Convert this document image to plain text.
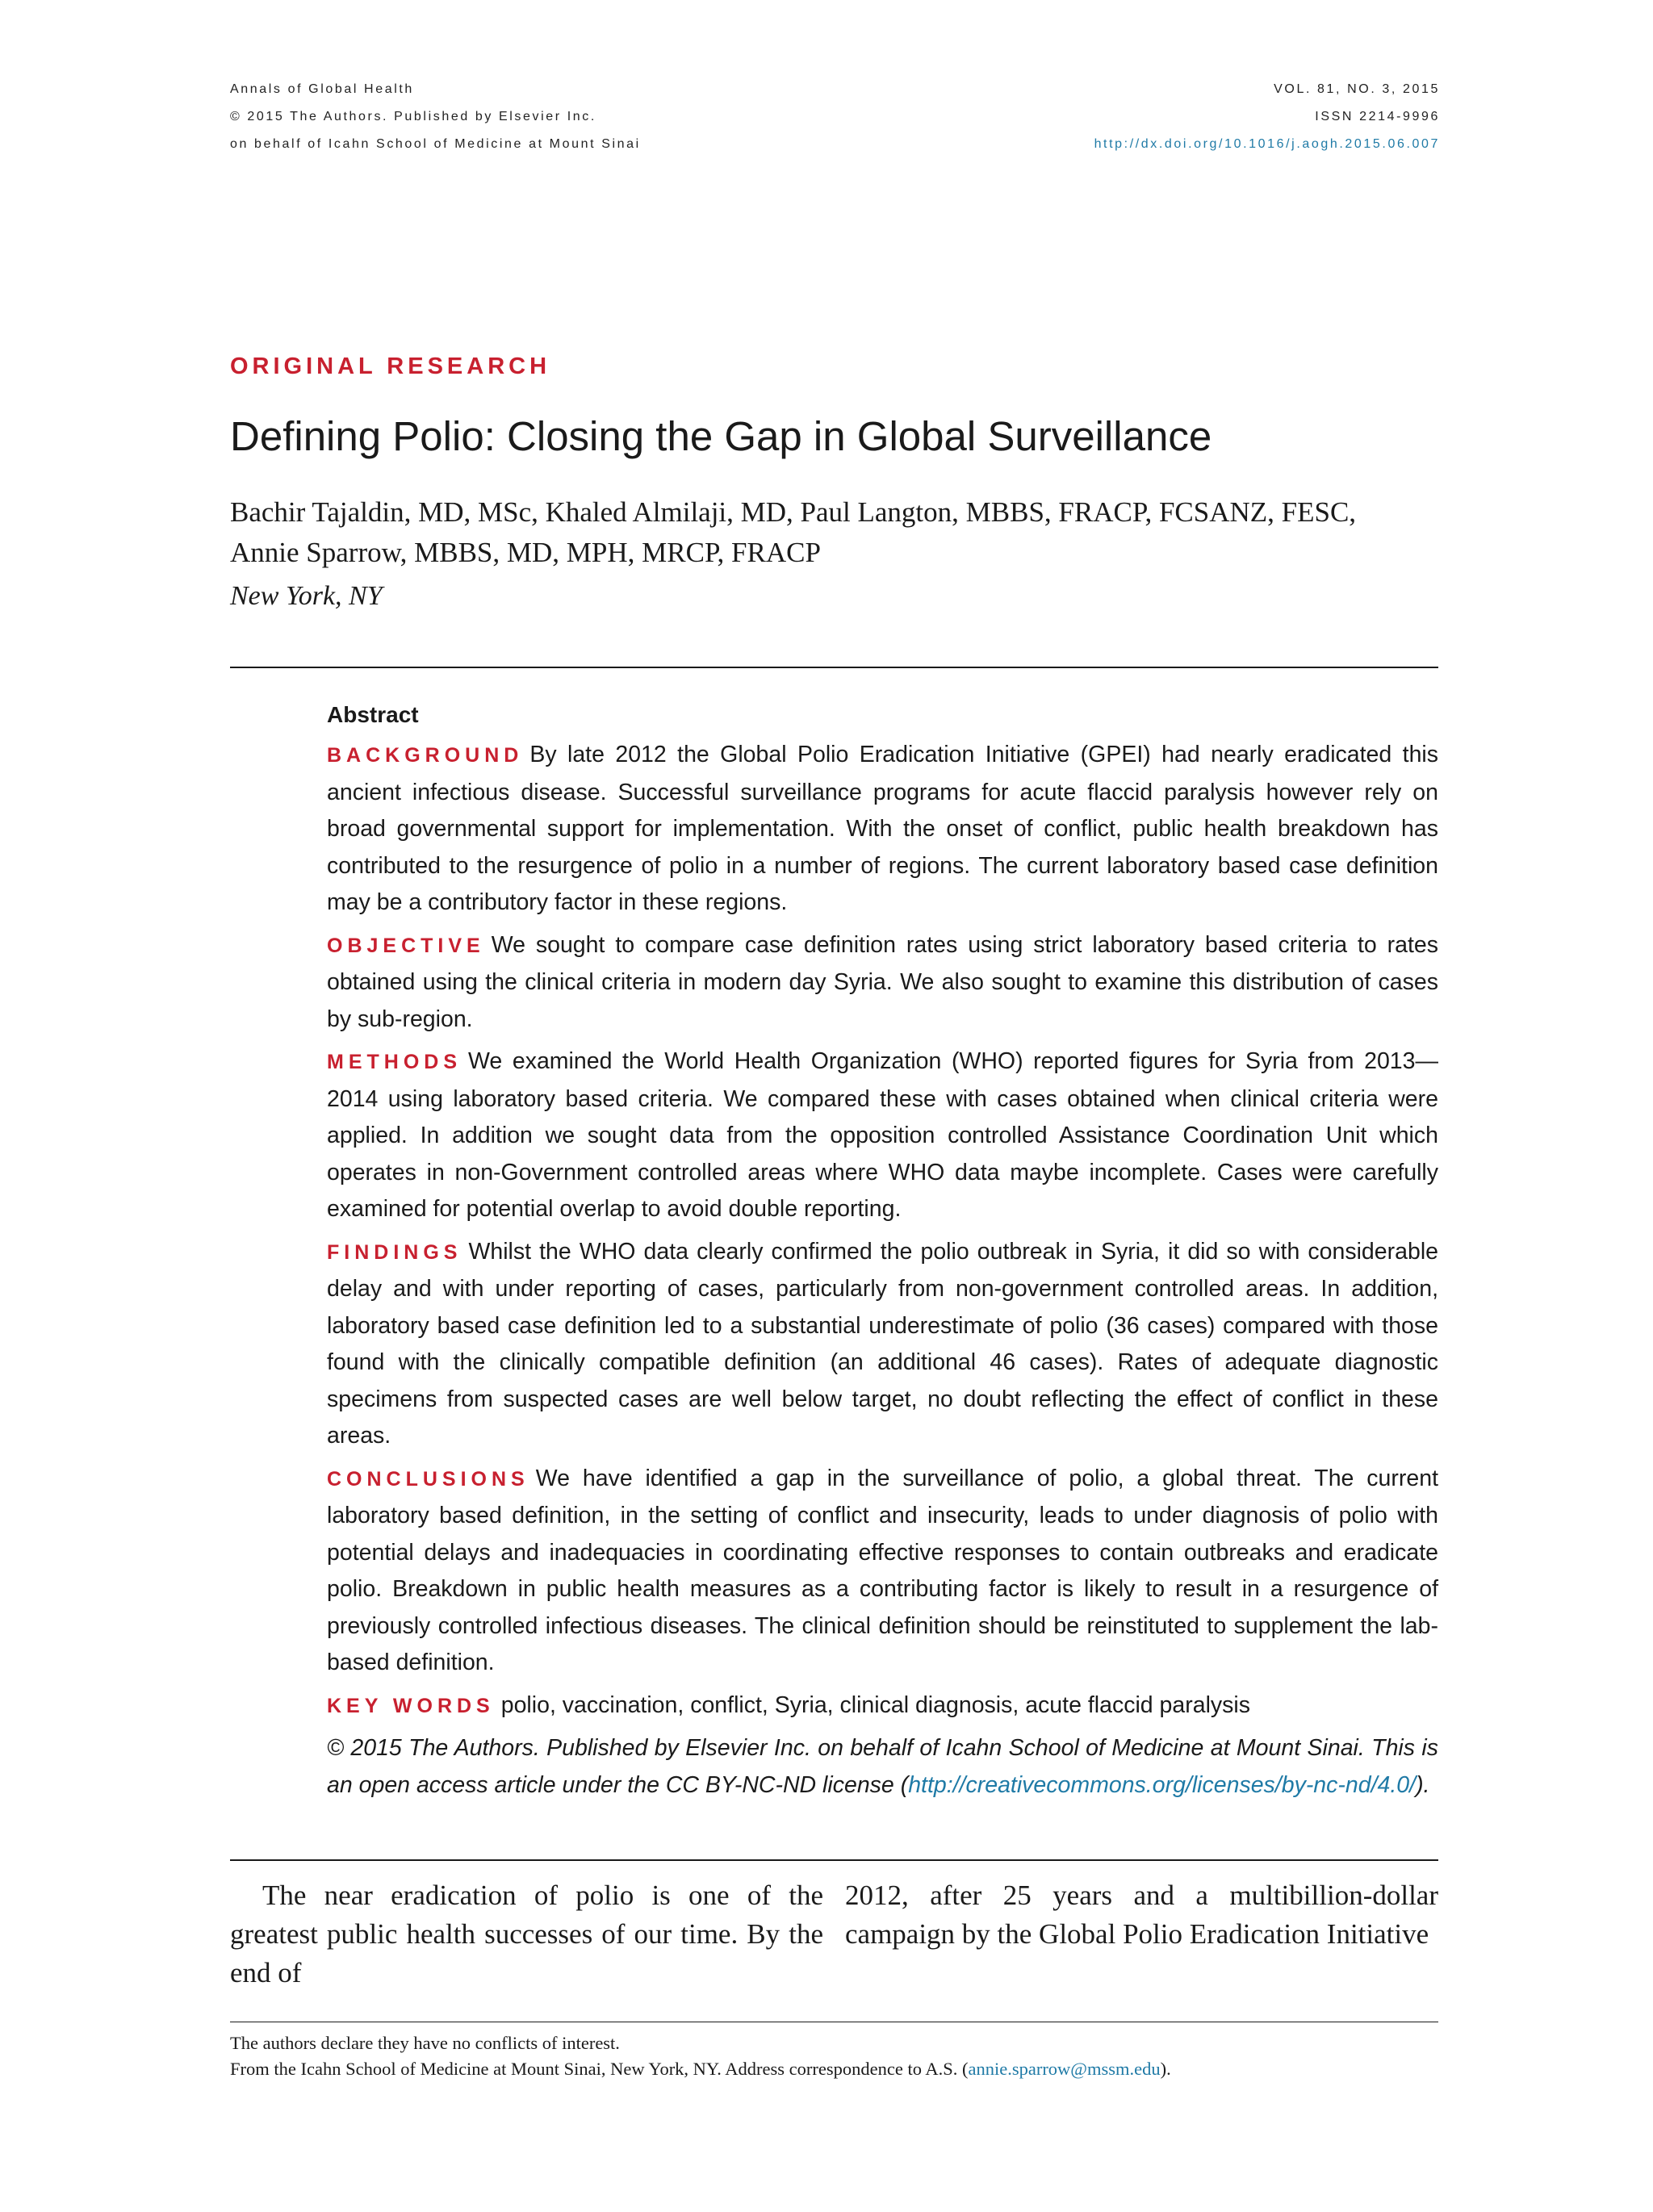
Annals of Global Health
© 2015 The Authors. Published by Elsevier Inc.
on behalf of Icahn School of Medicine at Mount Sinai
VOL. 81, NO. 3, 2015
ISSN 2214-9996
http://dx.doi.org/10.1016/j.aogh.2015.06.007
ORIGINAL RESEARCH
Defining Polio: Closing the Gap in Global Surveillance
Bachir Tajaldin, MD, MSc, Khaled Almilaji, MD, Paul Langton, MBBS, FRACP, FCSANZ, FESC,
Annie Sparrow, MBBS, MD, MPH, MRCP, FRACP
New York, NY

Abstract

BACKGROUND By late 2012 the Global Polio Eradication Initiative (GPEI) had nearly eradicated this ancient infectious disease. Successful surveillance programs for acute flaccid paralysis however rely on broad governmental support for implementation. With the onset of conflict, public health breakdown has contributed to the resurgence of polio in a number of regions. The current laboratory based case definition may be a contributory factor in these regions.

OBJECTIVE We sought to compare case definition rates using strict laboratory based criteria to rates obtained using the clinical criteria in modern day Syria. We also sought to examine this distribution of cases by sub-region.

METHODS We examined the World Health Organization (WHO) reported figures for Syria from 2013—2014 using laboratory based criteria. We compared these with cases obtained when clinical criteria were applied. In addition we sought data from the opposition controlled Assistance Coordination Unit which operates in non-Government controlled areas where WHO data maybe incomplete. Cases were carefully examined for potential overlap to avoid double reporting.

FINDINGS Whilst the WHO data clearly confirmed the polio outbreak in Syria, it did so with considerable delay and with under reporting of cases, particularly from non-government controlled areas. In addition, laboratory based case definition led to a substantial underestimate of polio (36 cases) compared with those found with the clinically compatible definition (an additional 46 cases). Rates of adequate diagnostic specimens from suspected cases are well below target, no doubt reflecting the effect of conflict in these areas.

CONCLUSIONS We have identified a gap in the surveillance of polio, a global threat. The current laboratory based definition, in the setting of conflict and insecurity, leads to under diagnosis of polio with potential delays and inadequacies in coordinating effective responses to contain outbreaks and eradicate polio. Breakdown in public health measures as a contributing factor is likely to result in a resurgence of previously controlled infectious diseases. The clinical definition should be reinstituted to supplement the lab-based definition.

KEY WORDS polio, vaccination, conflict, Syria, clinical diagnosis, acute flaccid paralysis

© 2015 The Authors. Published by Elsevier Inc. on behalf of Icahn School of Medicine at Mount Sinai. This is an open access article under the CC BY-NC-ND license (http://creativecommons.org/licenses/by-nc-nd/4.0/).

The near eradication of polio is one of the greatest public health successes of our time. By the end of
2012, after 25 years and a multibillion-dollar campaign by the Global Polio Eradication Initiative
The authors declare they have no conflicts of interest.
From the Icahn School of Medicine at Mount Sinai, New York, NY. Address correspondence to A.S. (annie.sparrow@mssm.edu).
